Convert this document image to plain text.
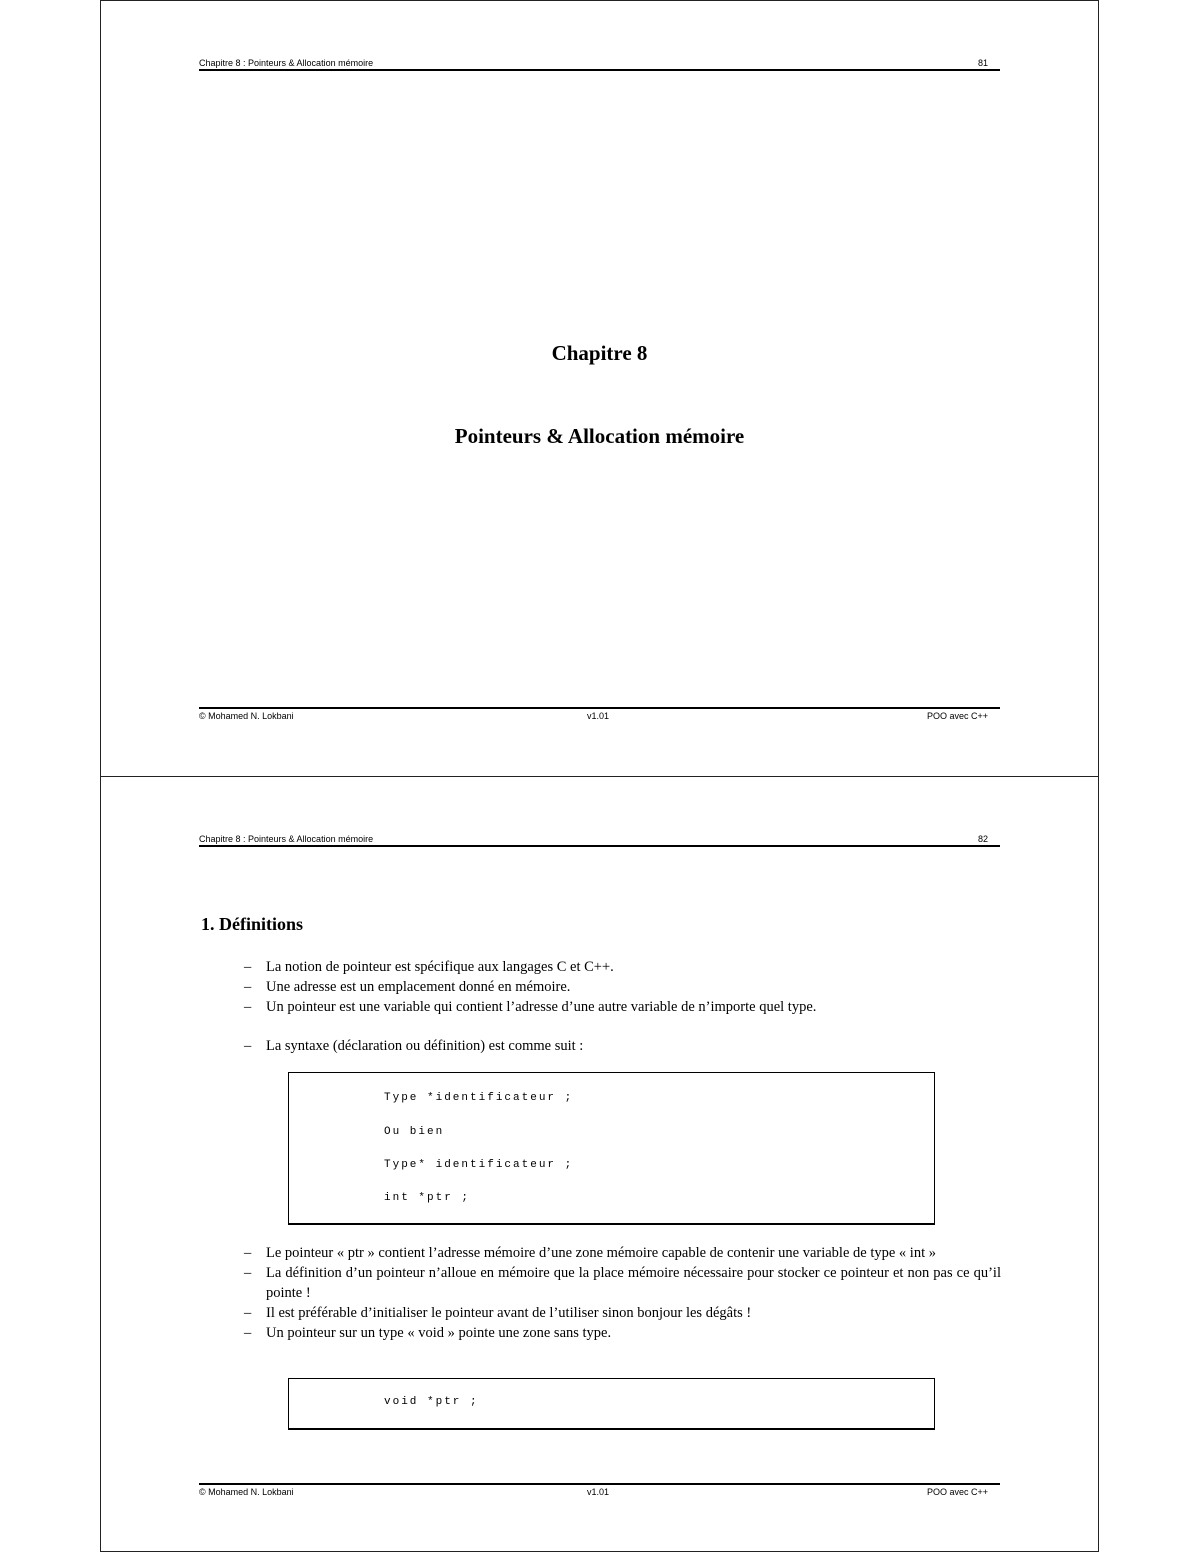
Chapitre 8 : Pointeurs & Allocation mémoire	81
Chapitre 8
Pointeurs & Allocation mémoire
© Mohamed N. Lokbani	v1.01	POO avec C++
Chapitre 8 : Pointeurs & Allocation mémoire	82
1. Définitions
– La notion de pointeur est spécifique aux langages C et C++.
– Une adresse est un emplacement donné en mémoire.
– Un pointeur est une variable qui contient l’adresse d’une autre variable de n’importe quel type.
– La syntaxe (déclaration ou définition) est comme suit :
Type *identificateur ;
Ou bien
Type* identificateur ;
int *ptr ;
– Le pointeur « ptr » contient l’adresse mémoire d’une zone mémoire capable de contenir une variable de type « int »
– La définition d’un pointeur n’alloue en mémoire que la place mémoire nécessaire pour stocker ce pointeur et non pas ce qu’il pointe !
– Il est préférable d’initialiser le pointeur avant de l’utiliser sinon bonjour les dégâts !
– Un pointeur sur un type « void » pointe une zone sans type.
void *ptr ;
© Mohamed N. Lokbani	v1.01	POO avec C++
